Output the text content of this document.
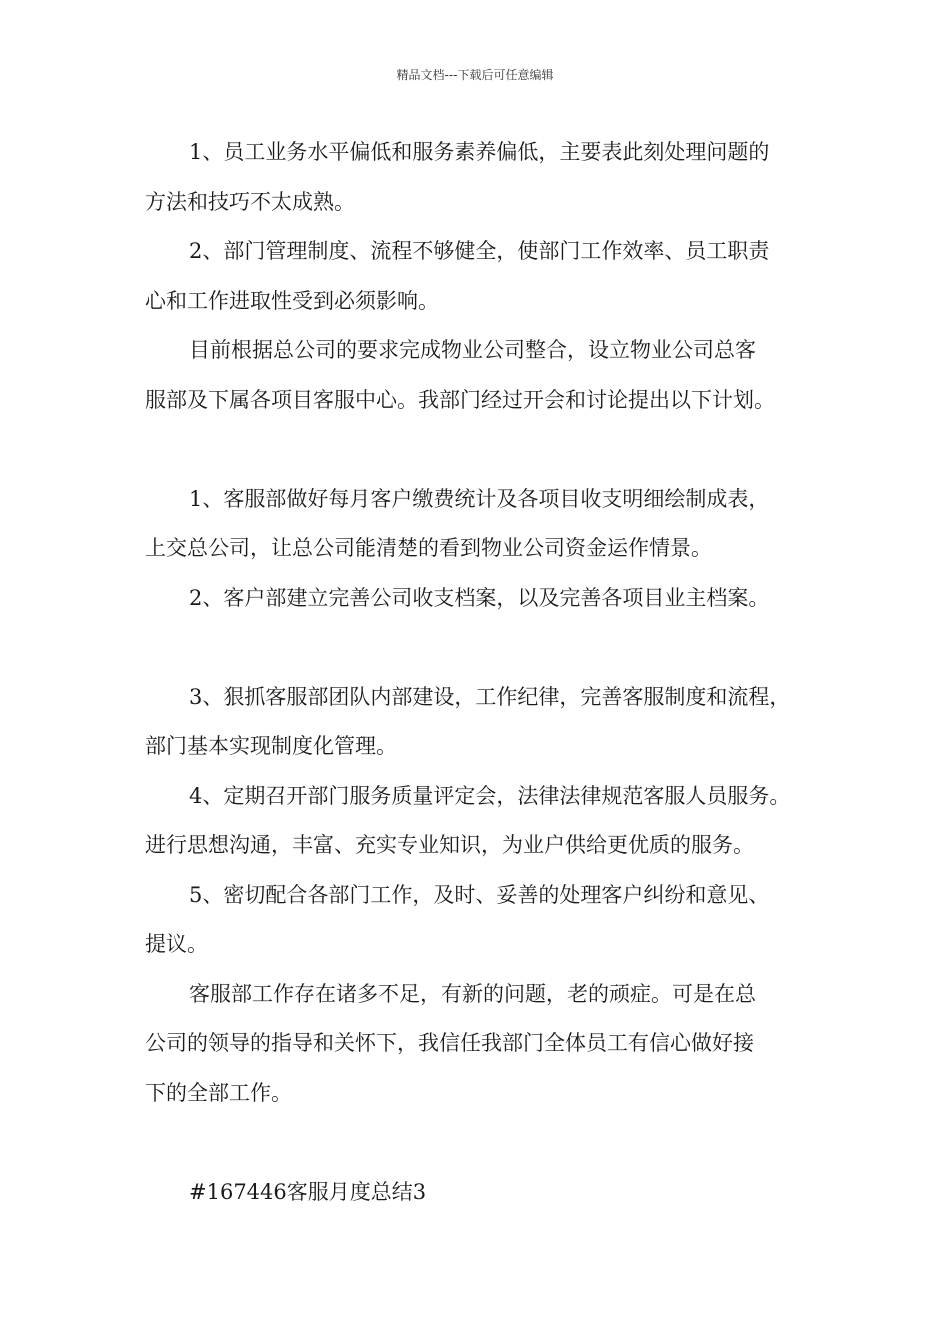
精品文档---下载后可任意编辑
1、员工业务水平偏低和服务素养偏低，主要表此刻处理问题的
方法和技巧不太成熟。
2、部门管理制度、流程不够健全，使部门工作效率、员工职责
心和工作进取性受到必须影响。
目前根据总公司的要求完成物业公司整合，设立物业公司总客
服部及下属各项目客服中心。我部门经过开会和讨论提出以下计划。
1、客服部做好每月客户缴费统计及各项目收支明细绘制成表，
上交总公司，让总公司能清楚的看到物业公司资金运作情景。
2、客户部建立完善公司收支档案，以及完善各项目业主档案。
3、狠抓客服部团队内部建设，工作纪律，完善客服制度和流程，
部门基本实现制度化管理。
4、定期召开部门服务质量评定会，法律法律规范客服人员服务。
进行思想沟通，丰富、充实专业知识，为业户供给更优质的服务。
5、密切配合各部门工作，及时、妥善的处理客户纠纷和意见、
提议。
客服部工作存在诸多不足，有新的问题，老的顽症。可是在总
公司的领导的指导和关怀下，我信任我部门全体员工有信心做好接
下的全部工作。
#167446客服月度总结3
